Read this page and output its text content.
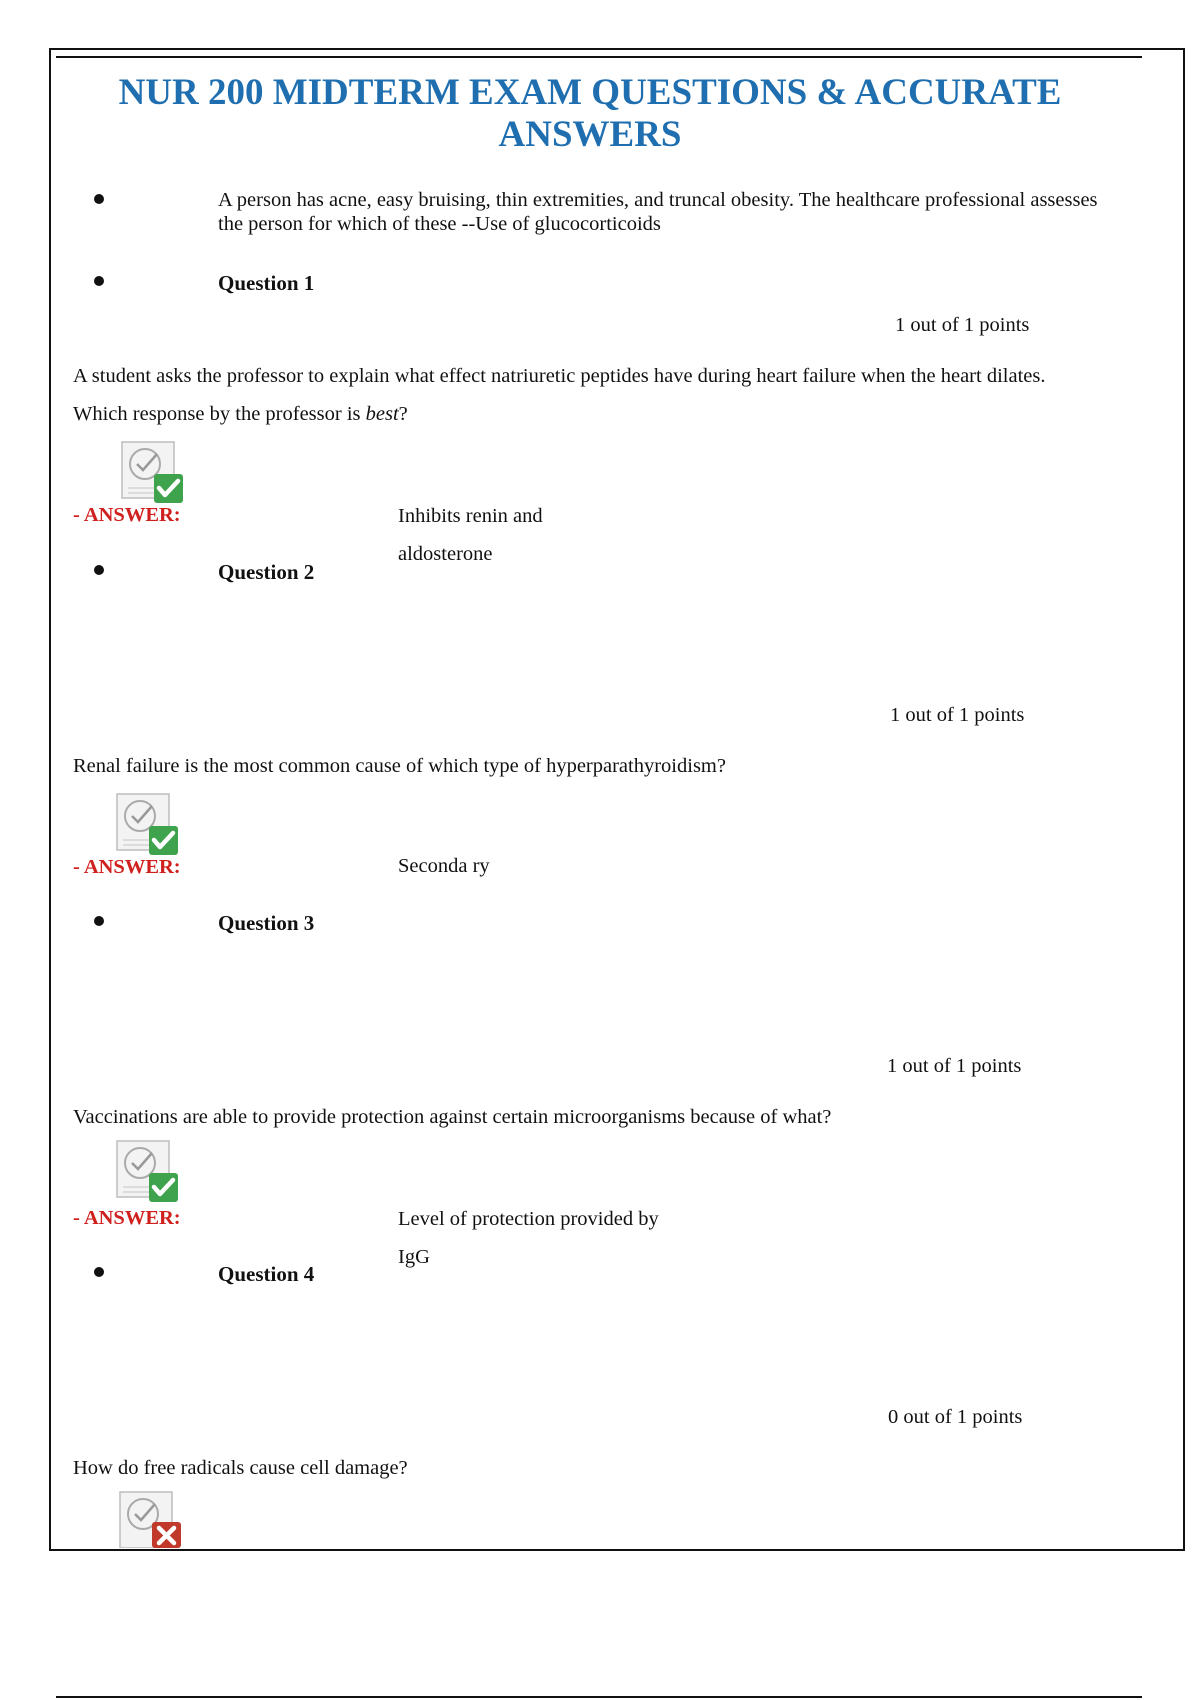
NUR 200 MIDTERM EXAM QUESTIONS & ACCURATE ANSWERS
A person has acne, easy bruising, thin extremities, and truncal obesity. The healthcare professional assesses the person for which of these --Use of glucocorticoids
Question 1
1 out of 1 points
A student asks the professor to explain what effect natriuretic peptides have during heart failure when the heart dilates. Which response by the professor is best?
- ANSWER:	Inhibits renin and aldosterone
Question 2
1 out of 1 points
Renal failure is the most common cause of which type of hyperparathyroidism?
- ANSWER:	Seconda ry
Question 3
1 out of 1 points
Vaccinations are able to provide protection against certain microorganisms because of what?
- ANSWER:	Level of protection provided by IgG
Question 4
0 out of 1 points
How do free radicals cause cell damage?
